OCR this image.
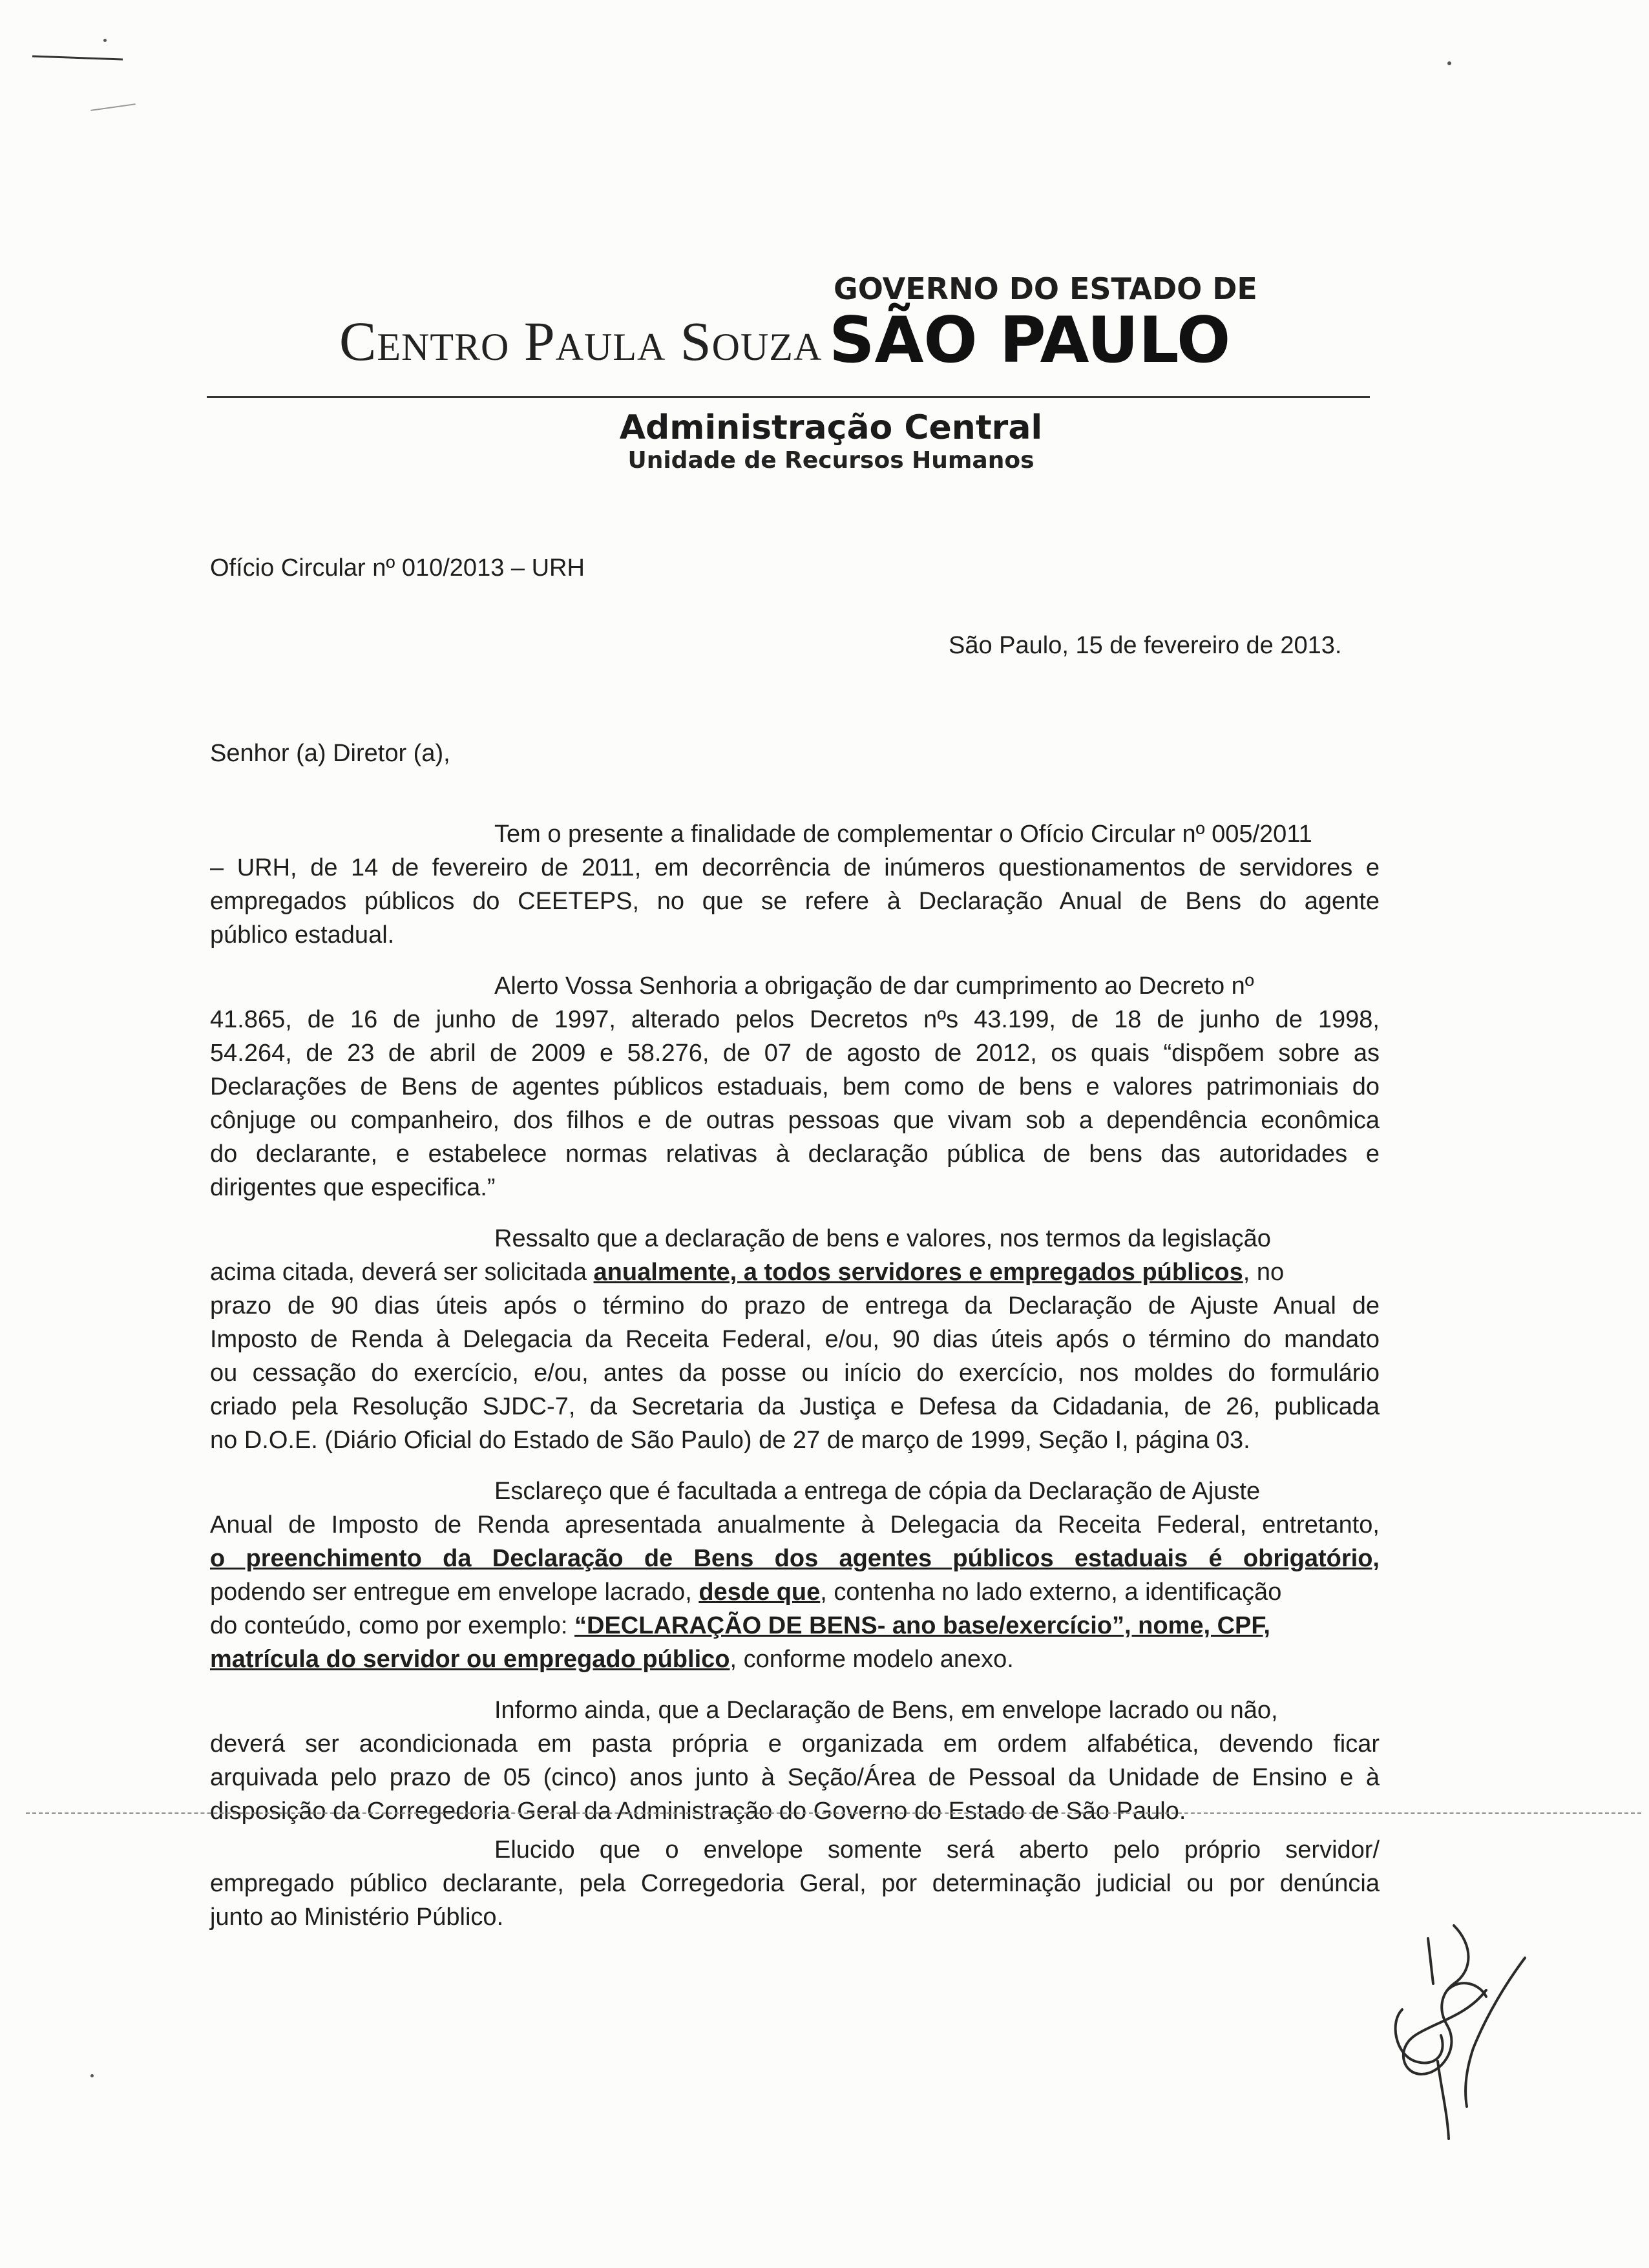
Centro Paula Souza
GOVERNO DO ESTADO DE
SÃO PAULO
Administração Central
Unidade de Recursos Humanos
Ofício Circular nº 010/2013 – URH
São Paulo, 15 de fevereiro de 2013.
Senhor (a) Diretor (a),
Tem o presente a finalidade de complementar o Ofício Circular nº 005/2011
– URH, de 14 de fevereiro de 2011, em decorrência de inúmeros questionamentos de servidores e
empregados públicos do CEETEPS, no que se refere à Declaração Anual de Bens do agente
público estadual.
Alerto Vossa Senhoria a obrigação de dar cumprimento ao Decreto nº
41.865, de 16 de junho de 1997, alterado pelos Decretos nºs 43.199, de 18 de junho de 1998,
54.264, de 23 de abril de 2009 e 58.276, de 07 de agosto de 2012, os quais “dispõem sobre as
Declarações de Bens de agentes públicos estaduais, bem como de bens e valores patrimoniais do
cônjuge ou companheiro, dos filhos e de outras pessoas que vivam sob a dependência econômica
do declarante, e estabelece normas relativas à declaração pública de bens das autoridades e
dirigentes que especifica.”
Ressalto que a declaração de bens e valores, nos termos da legislação
acima citada, deverá ser solicitada anualmente, a todos servidores e empregados públicos, no
prazo de 90 dias úteis após o término do prazo de entrega da Declaração de Ajuste Anual de
Imposto de Renda à Delegacia da Receita Federal, e/ou, 90 dias úteis após o término do mandato
ou cessação do exercício, e/ou, antes da posse ou início do exercício, nos moldes do formulário
criado pela Resolução SJDC-7, da Secretaria da Justiça e Defesa da Cidadania, de 26, publicada
no D.O.E. (Diário Oficial do Estado de São Paulo) de 27 de março de 1999, Seção I, página 03.
Esclareço que é facultada a entrega de cópia da Declaração de Ajuste
Anual de Imposto de Renda apresentada anualmente à Delegacia da Receita Federal, entretanto,
o preenchimento da Declaração de Bens dos agentes públicos estaduais é obrigatório,
podendo ser entregue em envelope lacrado, desde que, contenha no lado externo, a identificação
do conteúdo, como por exemplo: “DECLARAÇÃO DE BENS- ano base/exercício”, nome, CPF,
matrícula do servidor ou empregado público, conforme modelo anexo.
Informo ainda, que a Declaração de Bens, em envelope lacrado ou não,
deverá ser acondicionada em pasta própria e organizada em ordem alfabética, devendo ficar
arquivada pelo prazo de 05 (cinco) anos junto à Seção/Área de Pessoal da Unidade de Ensino e à
disposição da Corregedoria Geral da Administração do Governo do Estado de São Paulo.
Elucido que o envelope somente será aberto pelo próprio servidor/
empregado público declarante, pela Corregedoria Geral, por determinação judicial ou por denúncia
junto ao Ministério Público.
